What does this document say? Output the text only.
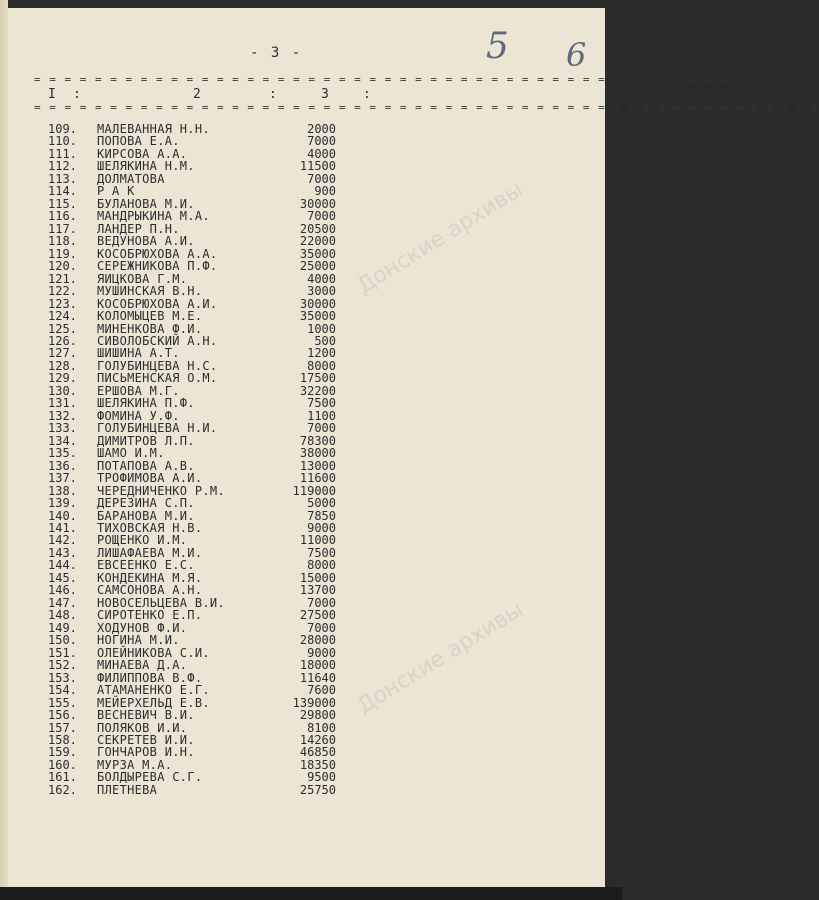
Донские архивы
Донские архивы
- 3 -	5 6
= = = = = = = = = = = = = = = = = = = = = = = = = = = = = = = = = = = = = = = = = = = = = = = = = = = =
I :	2	:	3	:
= = = = = = = = = = = = = = = = = = = = = = = = = = = = = = = = = = = = = = = = = = = = = = = = = = = =
109.	МАЛЕВАННАЯ Н.Н.	2000
110.	ПОПОВА Е.А.	7000
111.	КИРСОВА А.А.	4000
112.	ШЕЛЯКИНА Н.М.	11500
113.	ДОЛМАТОВА	7000
114.	Р А К	900
115.	БУЛАНОВА М.И.	30000
116.	МАНДРЫКИНА М.А.	7000
117.	ЛАНДЕР П.Н.	20500
118.	ВЕДУНОВА А.И.	22000
119.	КОСОБРЮХОВА А.А.	35000
120.	СЕРЕЖНИКОВА П.Ф.	25000
121.	ЯИЦКОВА Г.М.	4000
122.	МУШИНСКАЯ В.Н.	3000
123.	КОСОБРЮХОВА А.И.	30000
124.	КОЛОМЫЦЕВ М.Е.	35000
125.	МИНЕНКОВА Ф.И.	1000
126.	СИВОЛОБСКИЙ А.Н.	500
127.	ШИШИНА А.Т.	1200
128.	ГОЛУБИНЦЕВА Н.С.	8000
129.	ПИСЬМЕНСКАЯ О.М.	17500
130.	ЕРШОВА М.Г.	32200
131.	ШЕЛЯКИНА П.Ф.	7500
132.	ФОМИНА У.Ф.	1100
133.	ГОЛУБИНЦЕВА Н.И.	7000
134.	ДИМИТРОВ Л.П.	78300
135.	ШАМО И.М.	38000
136.	ПОТАПОВА А.В.	13000
137.	ТРОФИМОВА А.И.	11600
138.	ЧЕРЕДНИЧЕНКО Р.М.	119000
139.	ДЕРЕЗИНА С.П.	5000
140.	БАРАНОВА М.И.	7850
141.	ТИХОВСКАЯ Н.В.	9000
142.	РОЩЕНКО И.М.	11000
143.	ЛИШАФАЕВА М.И.	7500
144.	ЕВСЕЕНКО Е.С.	8000
145.	КОНДЕКИНА М.Я.	15000
146.	САМСОНОВА А.Н.	13700
147.	НОВОСЕЛЬЦЕВА В.И.	7000
148.	СИРОТЕНКО Е.П.	27500
149.	ХОДУНОВ Ф.И.	7000
150.	НОГИНА М.И.	28000
151.	ОЛЕЙНИКОВА С.И.	9000
152.	МИНАЕВА Д.А.	18000
153.	ФИЛИППОВА В.Ф.	11640
154.	АТАМАНЕНКО Е.Г.	7600
155.	МЕЙЕРХЕЛЬД Е.В.	139000
156.	ВЕСНЕВИЧ В.И.	29800
157.	ПОЛЯКОВ И.И.	8100
158.	СЕКРЕТЕВ И.И.	14260
159.	ГОНЧАРОВ И.Н.	46850
160.	МУРЗА М.А.	18350
161.	БОЛДЫРЕВА С.Г.	9500
162.	ПЛЕТНЕВА	25750
